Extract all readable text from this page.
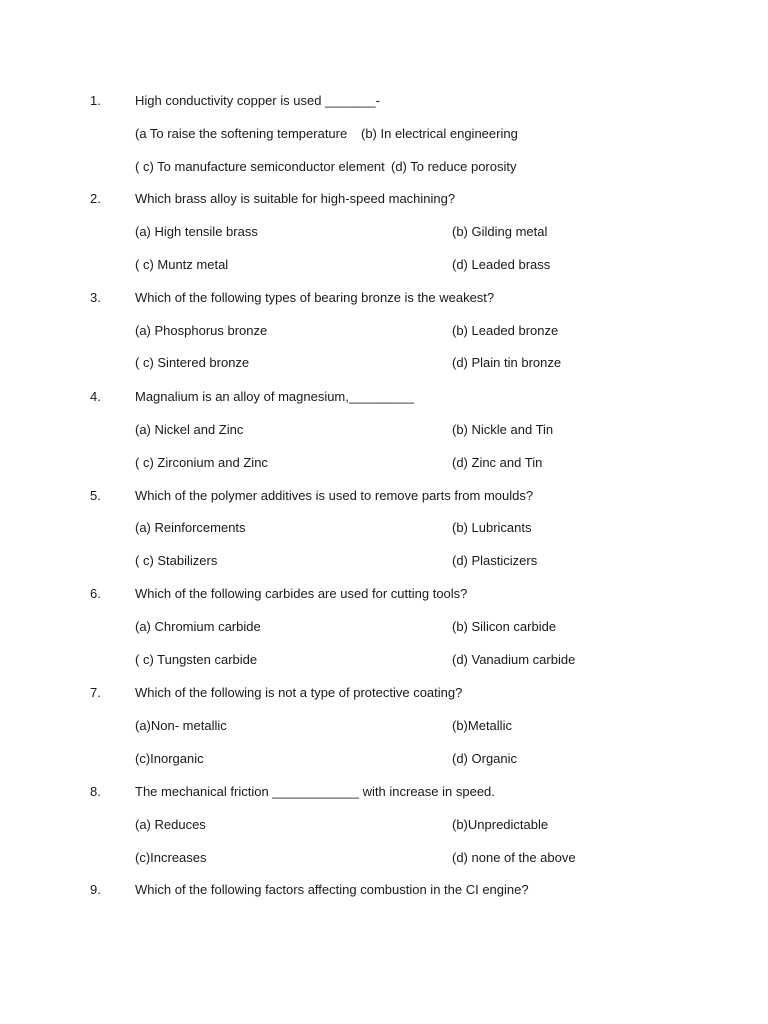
1.	High conductivity copper is used _______-
(a To raise the softening temperature (b) In electrical engineering
( c) To manufacture semiconductor element (d) To reduce porosity
2.	Which brass alloy is suitable for high-speed machining?
(a) High tensile brass	(b) Gilding metal
( c) Muntz metal	(d) Leaded brass
3.	Which of the following types of bearing bronze is the weakest?
(a) Phosphorus bronze	(b) Leaded bronze
( c) Sintered bronze	(d) Plain tin bronze
4.	Magnalium is an alloy of magnesium,_________
(a) Nickel and Zinc	(b) Nickle and Tin
( c) Zirconium and Zinc	(d) Zinc and Tin
5.	Which of the polymer additives is used to remove parts from moulds?
(a) Reinforcements	(b) Lubricants
( c) Stabilizers	(d) Plasticizers
6.	Which of the following carbides are used for cutting tools?
(a) Chromium carbide	(b) Silicon carbide
( c) Tungsten carbide	(d) Vanadium carbide
7.	Which of the following is not a type of protective coating?
(a)Non- metallic	(b)Metallic
(c)Inorganic	(d) Organic
8.	The mechanical friction ____________ with increase in speed.
(a) Reduces	(b)Unpredictable
(c)Increases	(d) none of the above
9.	Which of the following factors affecting combustion in the CI engine?
